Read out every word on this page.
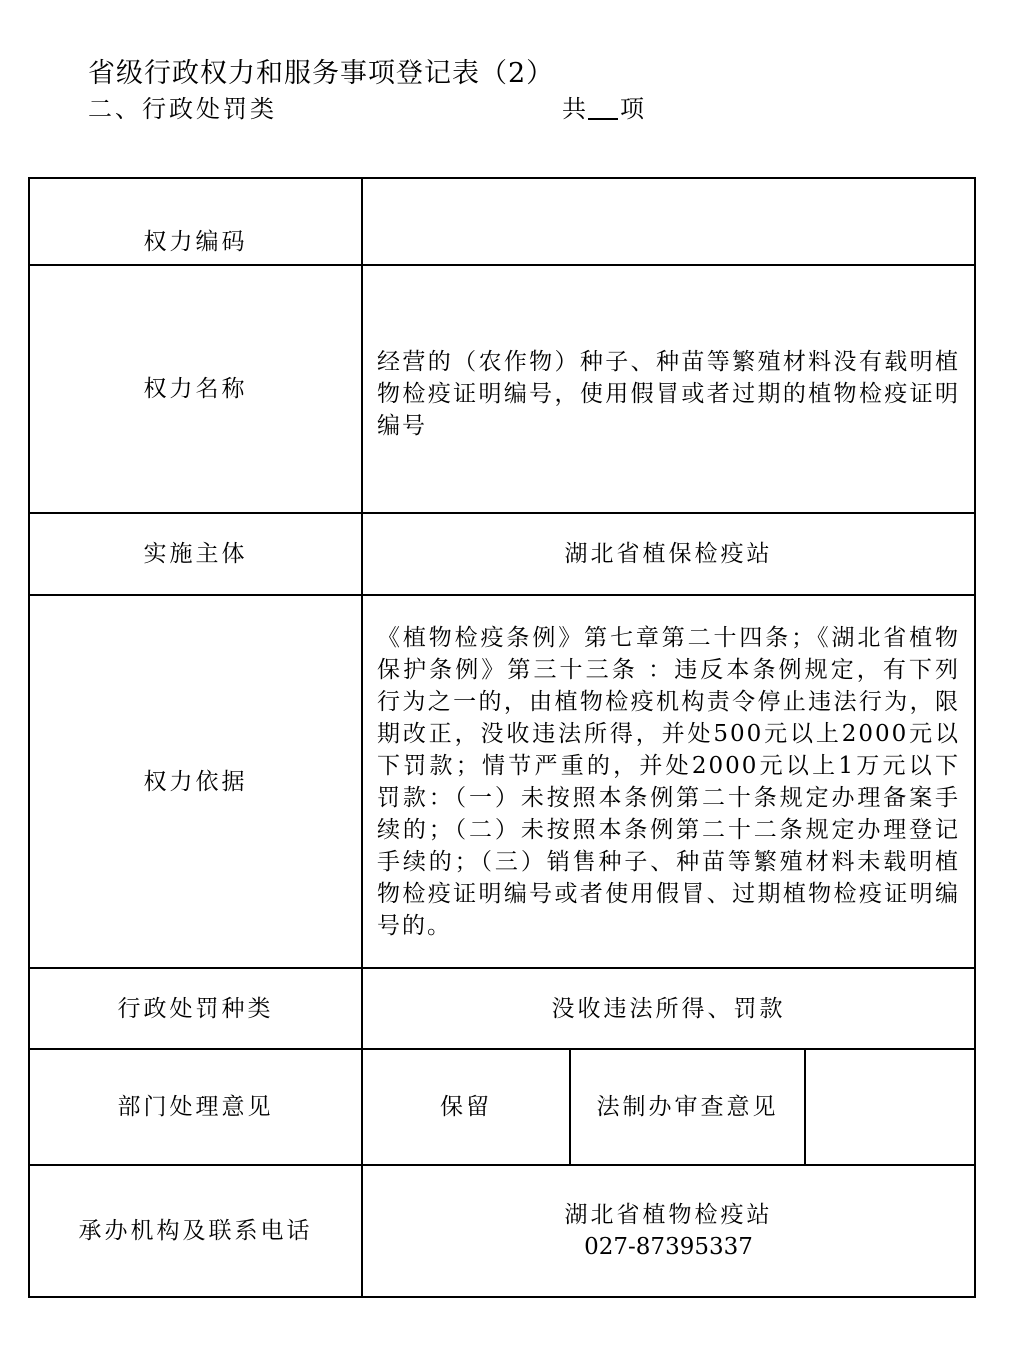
省级行政权力和服务事项登记表（2）
二、行政处罚类	共 项
权力编码			

权力名称	经营的（农作物）种子、种苗等繁殖材料没有载明植物检疫证明编号，使用假冒或者过期的植物检疫证明编号		
实施主体	湖北省植保检疫站		
权力依据	《植物检疫条例》第七章第二十四条；《湖北省植物保护条例》第三十三条 ：违反本条例规定，有下列行为之一的，由植物检疫机构责令停止违法行为，限期改正，没收违法所得，并处500元以上2000元以下罚款；情节严重的，并处2000元以上1万元以下罚款：（一）未按照本条例第二十条规定办理备案手续的；（二）未按照本条例第二十二条规定办理登记手续的；（三）销售种子、种苗等繁殖材料未载明植物检疫证明编号或者使用假冒、过期植物检疫证明编号的。		
行政处罚种类	没收违法所得、罚款		
部门处理意见	保留	法制办审查意见	
承办机构及联系电话	湖北省植物检疫站
027-87395337		
